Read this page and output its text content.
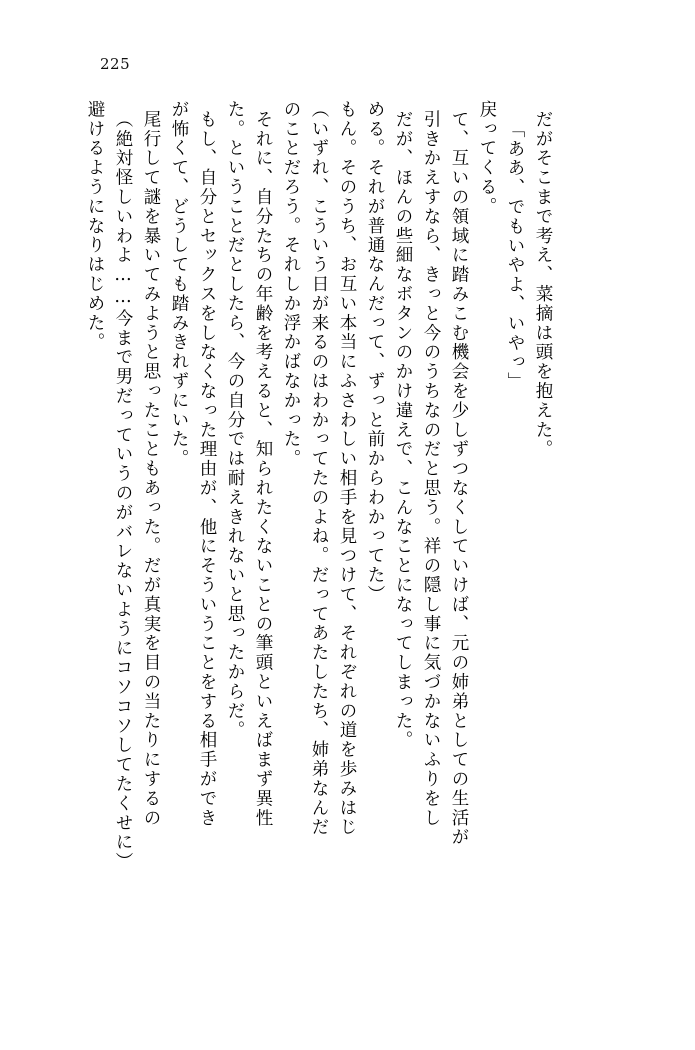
225
避けるようになりはじめた。 （絶対怪しいわよ……今まで男だっていうのがバレないようにコソコソしてたくせに） 尾行して謎を暴いてみようと思ったこともあった。だが真実を目の当たりにするの が怖くて、どうしても踏みきれずにいた。 もし、自分とセックスをしなくなった理由が、他にそういうことをする相手ができ た。ということだとしたら、今の自分では耐えきれないと思ったからだ。 それに、自分たちの年齢を考えると、知られたくないことの筆頭といえばまず異性 のことだろう。それしか浮かばなかった。 （いずれ、こういう日が来るのはわかってたのよね。だってあたしたち、姉弟なんだ もん。そのうち、お互い本当にふさわしい相手を見つけて、それぞれの道を歩みはじ める。それが普通なんだって、ずっと前からわかってた） だが、ほんの些細なボタンのかけ違えで、こんなことになってしまった。 引きかえすなら、きっと今のうちなのだと思う。祥の隠し事に気づかないふりをし て、互いの領域に踏みこむ機会を少しずつなくしていけば、元の姉弟としての生活が 戻ってくる。 「ああ、でもいやよ、いやっ」 だがそこまで考え、菜摘は頭を抱えた。
